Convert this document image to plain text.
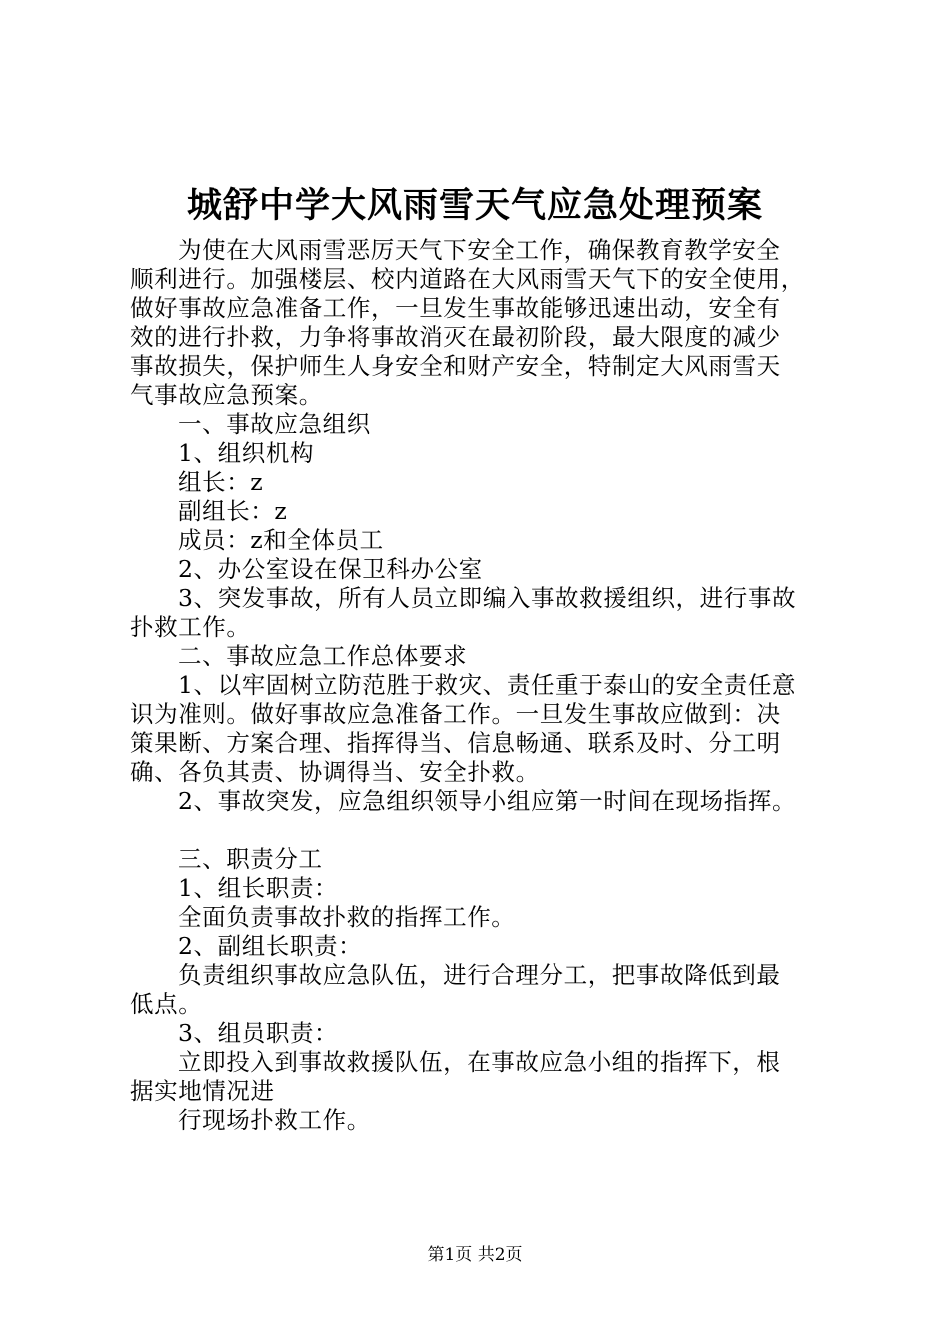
城舒中学大风雨雪天气应急处理预案
为使在大风雨雪恶厉天气下安全工作，确保教育教学安全
顺利进行。加强楼层、校内道路在大风雨雪天气下的安全使用，
做好事故应急准备工作，一旦发生事故能够迅速出动，安全有
效的进行扑救，力争将事故消灭在最初阶段，最大限度的减少
事故损失，保护师生人身安全和财产安全，特制定大风雨雪天
气事故应急预案。
一、事故应急组织
1、组织机构
组长：z
副组长：z
成员：z和全体员工
2、办公室设在保卫科办公室
3、突发事故，所有人员立即编入事故救援组织，进行事故
扑救工作。
二、事故应急工作总体要求
1、以牢固树立防范胜于救灾、责任重于泰山的安全责任意
识为准则。做好事故应急准备工作。一旦发生事故应做到：决
策果断、方案合理、指挥得当、信息畅通、联系及时、分工明
确、各负其责、协调得当、安全扑救。
2、事故突发，应急组织领导小组应第一时间在现场指挥。
三、职责分工
1、组长职责：
全面负责事故扑救的指挥工作。
2、副组长职责：
负责组织事故应急队伍，进行合理分工，把事故降低到最
低点。
3、组员职责：
立即投入到事故救援队伍，在事故应急小组的指挥下，根
据实地情况进
行现场扑救工作。
第1页 共2页
